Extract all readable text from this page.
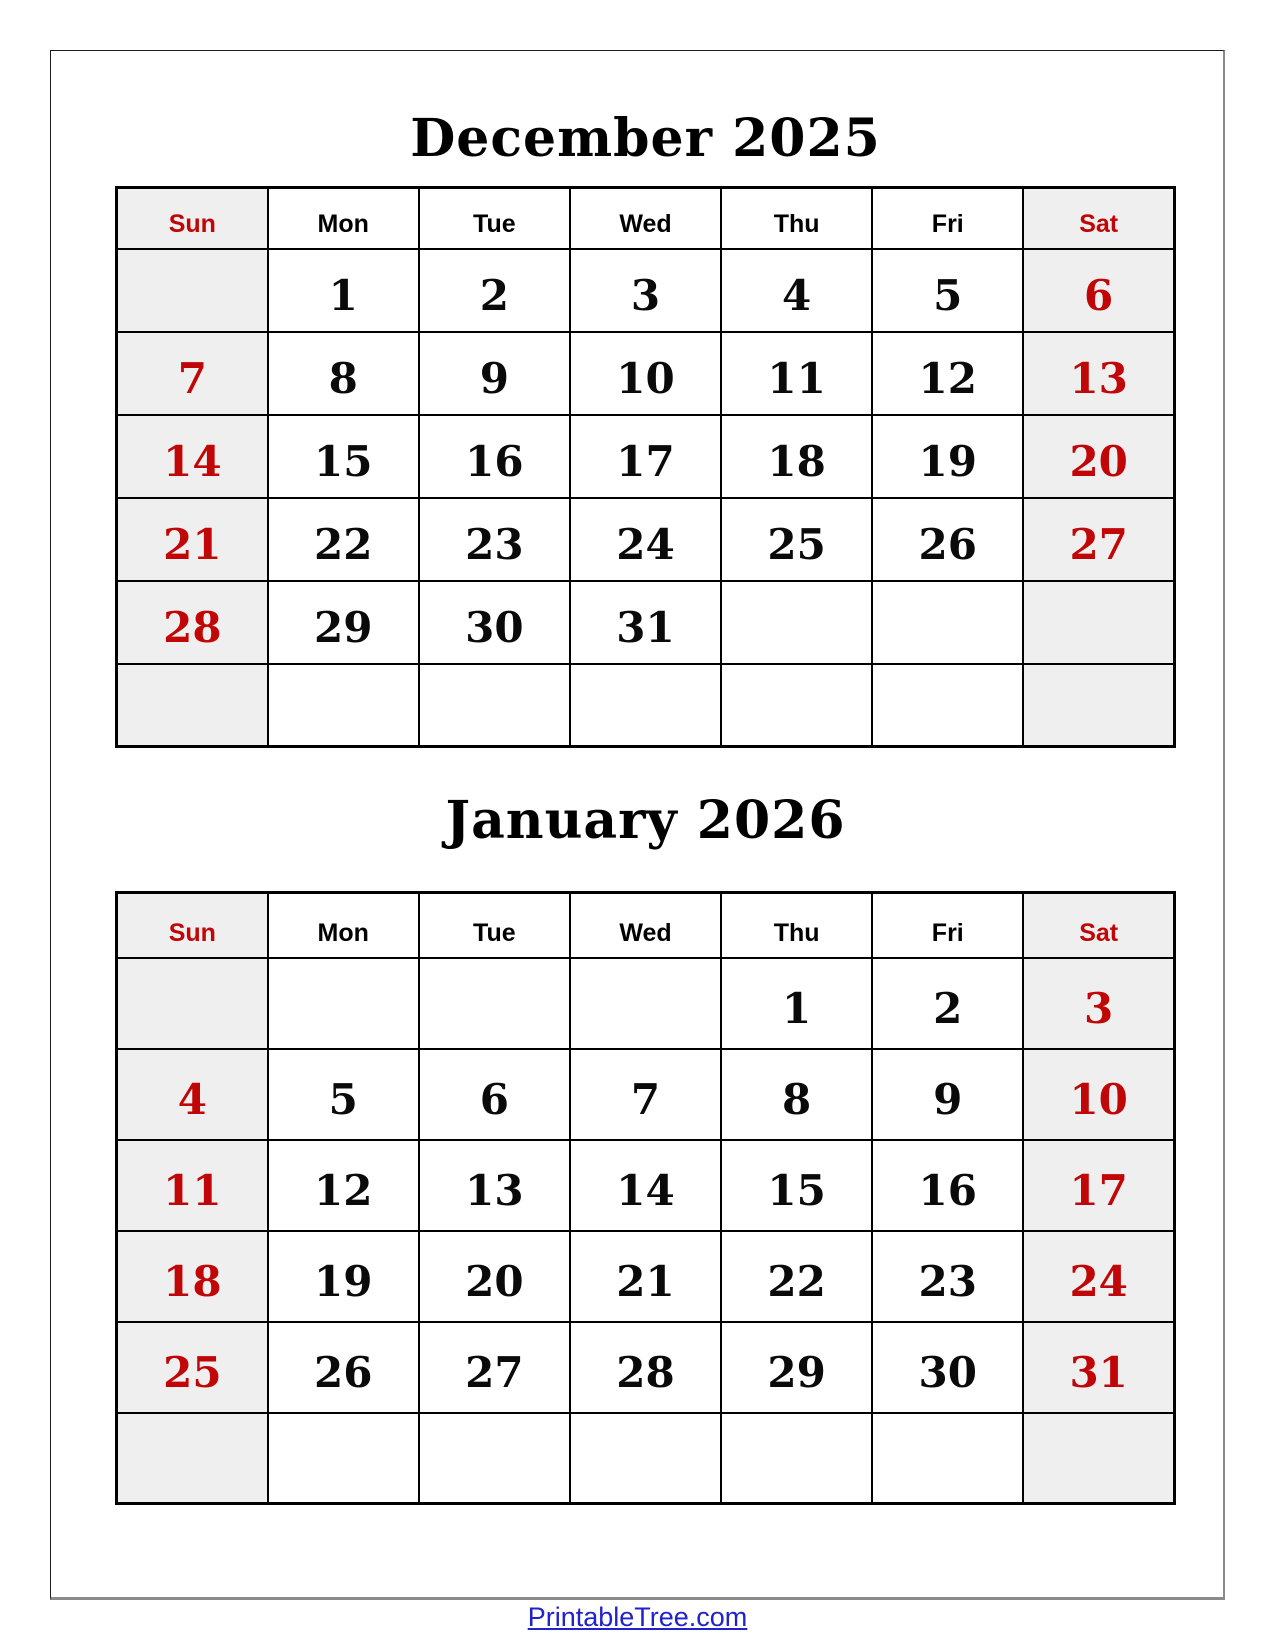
December 2025
Sun	Mon	Tue	Wed	Thu	Fri	Sat
	1	2	3	4	5	6
7	8	9	10	11	12	13
14	15	16	17	18	19	20
21	22	23	24	25	26	27
28	29	30	31			

January 2026
Sun	Mon	Tue	Wed	Thu	Fri	Sat
				1	2	3
4	5	6	7	8	9	10
11	12	13	14	15	16	17
18	19	20	21	22	23	24
25	26	27	28	29	30	31

PrintableTree.com
